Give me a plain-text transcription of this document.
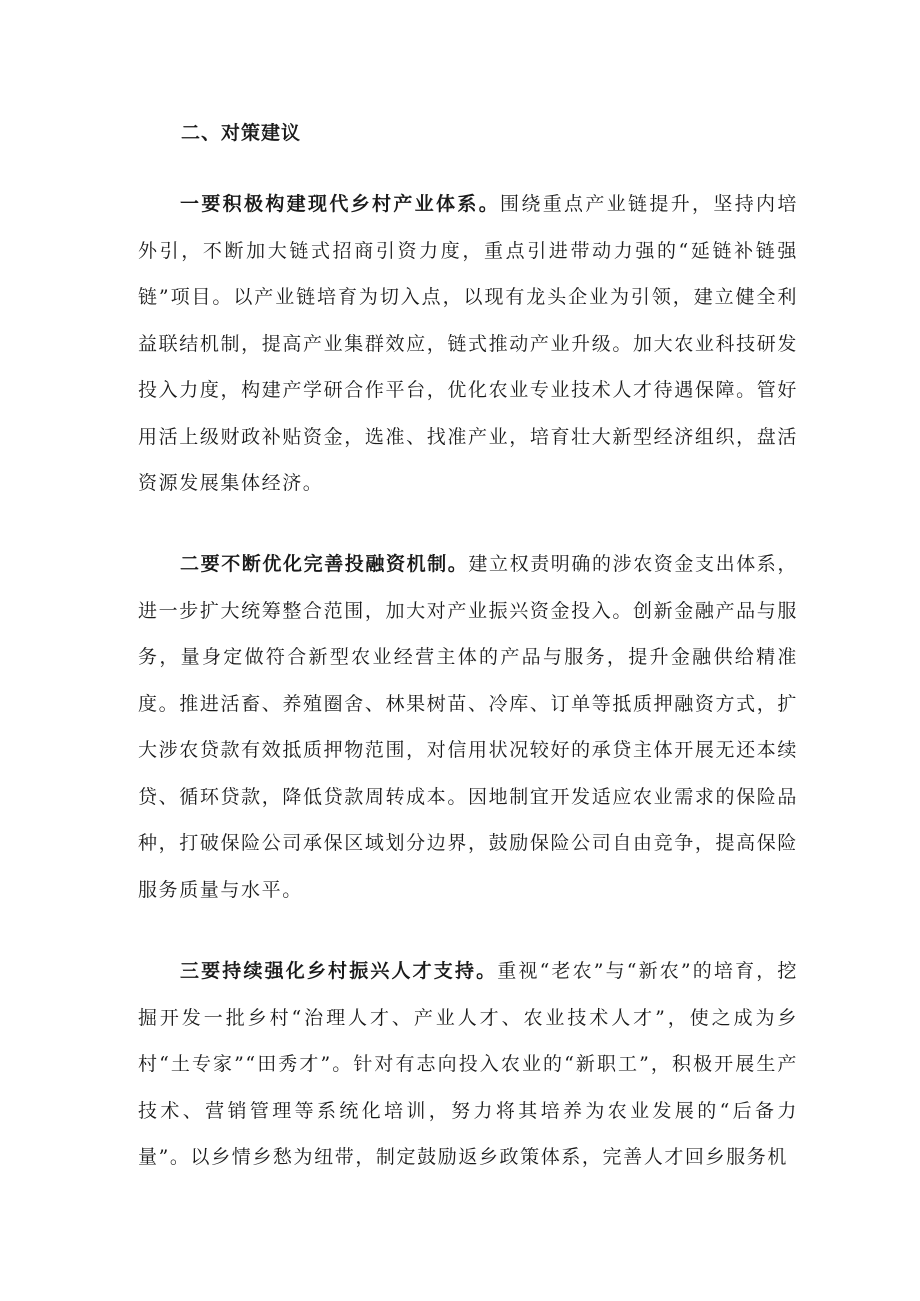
二、对策建议

一要积极构建现代乡村产业体系。围绕重点产业链提升，坚持内培外引，不断加大链式招商引资力度，重点引进带动力强的“延链补链强链”项目。以产业链培育为切入点，以现有龙头企业为引领，建立健全利益联结机制，提高产业集群效应，链式推动产业升级。加大农业科技研发投入力度，构建产学研合作平台，优化农业专业技术人才待遇保障。管好用活上级财政补贴资金，选准、找准产业，培育壮大新型经济组织，盘活资源发展集体经济。

二要不断优化完善投融资机制。建立权责明确的涉农资金支出体系，进一步扩大统筹整合范围，加大对产业振兴资金投入。创新金融产品与服务，量身定做符合新型农业经营主体的产品与服务，提升金融供给精准度。推进活畜、养殖圈舍、林果树苗、冷库、订单等抵质押融资方式，扩大涉农贷款有效抵质押物范围，对信用状况较好的承贷主体开展无还本续贷、循环贷款，降低贷款周转成本。因地制宜开发适应农业需求的保险品种，打破保险公司承保区域划分边界，鼓励保险公司自由竞争，提高保险服务质量与水平。

三要持续强化乡村振兴人才支持。重视“老农”与“新农”的培育，挖掘开发一批乡村“治理人才、产业人才、农业技术人才”，使之成为乡村“土专家”“田秀才”。针对有志向投入农业的“新职工”，积极开展生产技术、营销管理等系统化培训，努力将其培养为农业发展的“后备力量”。以乡情乡愁为纽带，制定鼓励返乡政策体系，完善人才回乡服务机
